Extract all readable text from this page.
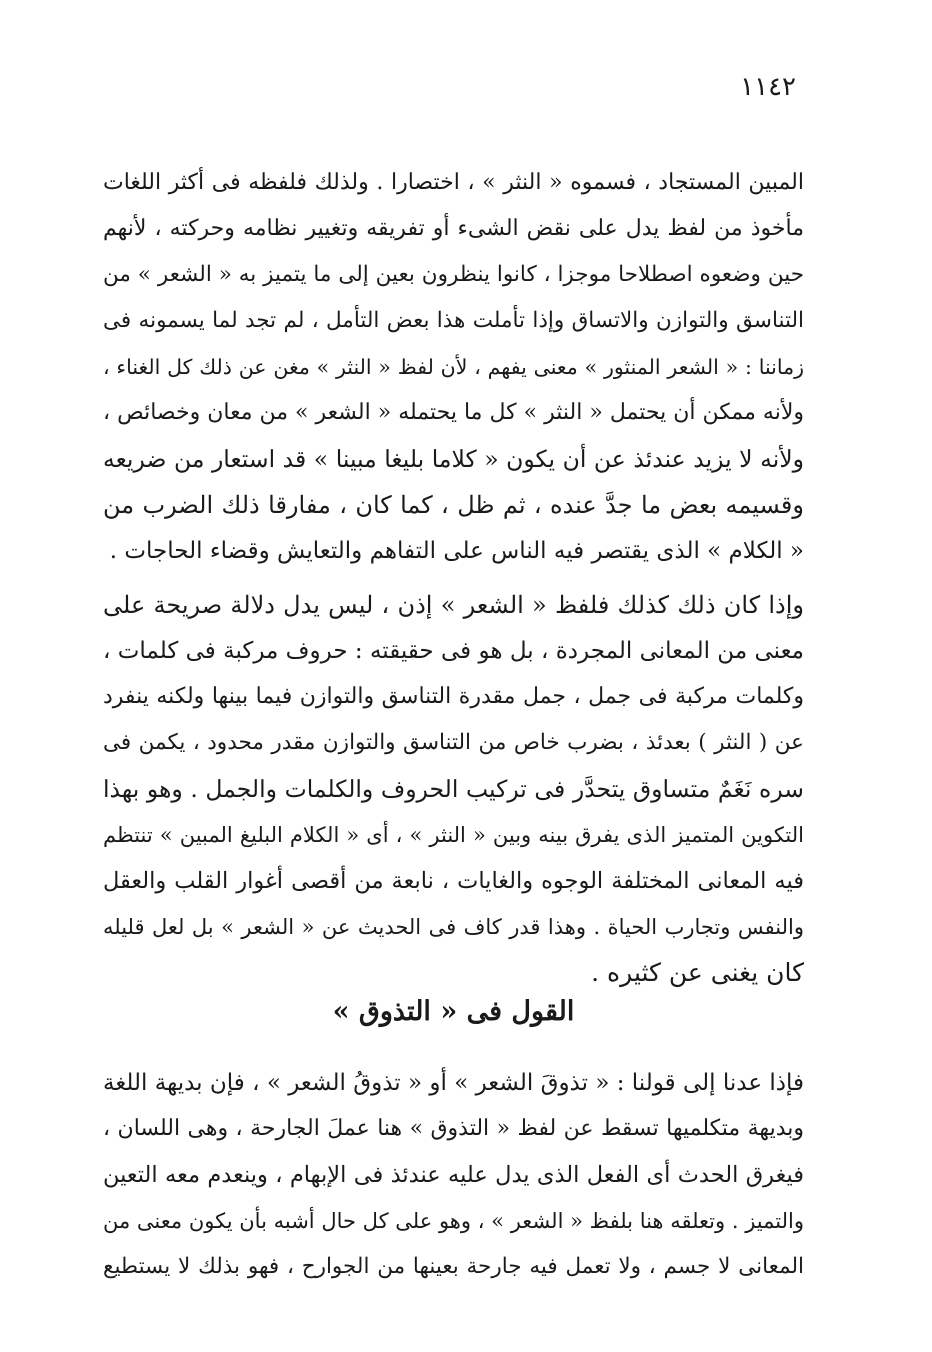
١١٤٢
المبين المستجاد ، فسموه « النثر » ، اختصارا . ولذلك فلفظه فى أكثر اللغات
مأخوذ من لفظ يدل على نقض الشىء أو تفريقه وتغيير نظامه وحركته ، لأنهم
حين وضعوه اصطلاحا موجزا ، كانوا ينظرون بعين إلى ما يتميز به « الشعر » من
التناسق والتوازن والاتساق وإذا تأملت هذا بعض التأمل ، لم تجد لما يسمونه فى
زماننا : « الشعر المنثور » معنى يفهم ، لأن لفظ « النثر » مغن عن ذلك كل الغناء ،
ولأنه ممكن أن يحتمل « النثر » كل ما يحتمله « الشعر » من معان وخصائص ،
ولأنه لا يزيد عندئذ عن أن يكون « كلاما بليغا مبينا » قد استعار من ضريعه
وقسيمه بعض ما جدَّ عنده ، ثم ظل ، كما كان ، مفارقا ذلك الضرب من
« الكلام » الذى يقتصر فيه الناس على التفاهم والتعايش وقضاء الحاجات .
وإذا كان ذلك كذلك فلفظ « الشعر » إذن ، ليس يدل دلالة صريحة على
معنى من المعانى المجردة ، بل هو فى حقيقته : حروف مركبة فى كلمات ،
وكلمات مركبة فى جمل ، جمل مقدرة التناسق والتوازن فيما بينها ولكنه ينفرد
عن ( النثر ) بعدئذ ، بضرب خاص من التناسق والتوازن مقدر محدود ، يكمن فى
سره نَغَمٌ متساوق يتحدَّر فى تركيب الحروف والكلمات والجمل . وهو بهذا
التكوين المتميز الذى يفرق بينه وبين « النثر » ، أى « الكلام البليغ المبين » تنتظم
فيه المعانى المختلفة الوجوه والغايات ، نابعة من أقصى أغوار القلب والعقل
والنفس وتجارب الحياة . وهذا قدر كاف فى الحديث عن « الشعر » بل لعل قليله
كان يغنى عن كثيره .
القول فى « التذوق »
فإذا عدنا إلى قولنا : « تذوقَ الشعر » أو « تذوقُ الشعر » ، فإن بديهة اللغة
وبديهة متكلميها تسقط عن لفظ « التذوق » هنا عملَ الجارحة ، وهى اللسان ،
فيغرق الحدث أى الفعل الذى يدل عليه عندئذ فى الإبهام ، وينعدم معه التعين
والتميز . وتعلقه هنا بلفظ « الشعر » ، وهو على كل حال أشبه بأن يكون معنى من
المعانى لا جسم ، ولا تعمل فيه جارحة بعينها من الجوارح ، فهو بذلك لا يستطيع
